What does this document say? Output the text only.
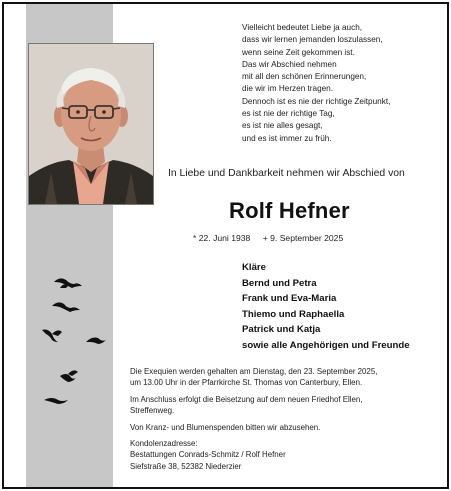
Vielleicht bedeutet Liebe ja auch,
dass wir lernen jemanden loszulassen,
wenn seine Zeit gekommen ist.
Das wir Abschied nehmen
mit all den schönen Erinnerungen,
die wir im Herzen tragen.
Dennoch ist es nie der richtige Zeitpunkt,
es ist nie der richtige Tag,
es ist nie alles gesagt,
und es ist immer zu früh.
In Liebe und Dankbarkeit nehmen wir Abschied von
Rolf Hefner
* 22. Juni 1938 + 9. September 2025
Kläre
Bernd und Petra
Frank und Eva-Maria
Thiemo und Raphaella
Patrick und Katja
sowie alle Angehörigen und Freunde

Die Exequien werden gehalten am Dienstag, den 23. September 2025,
um 13.00 Uhr in der Pfarrkirche St. Thomas von Canterbury, Ellen.

Im Anschluss erfolgt die Beisetzung auf dem neuen Friedhof Ellen,
Streffenweg.

Von Kranz- und Blumenspenden bitten wir abzusehen.

Kondolenzadresse:
Bestattungen Conrads-Schmitz / Rolf Hefner
Siefstraße 38, 52382 Niederzier
